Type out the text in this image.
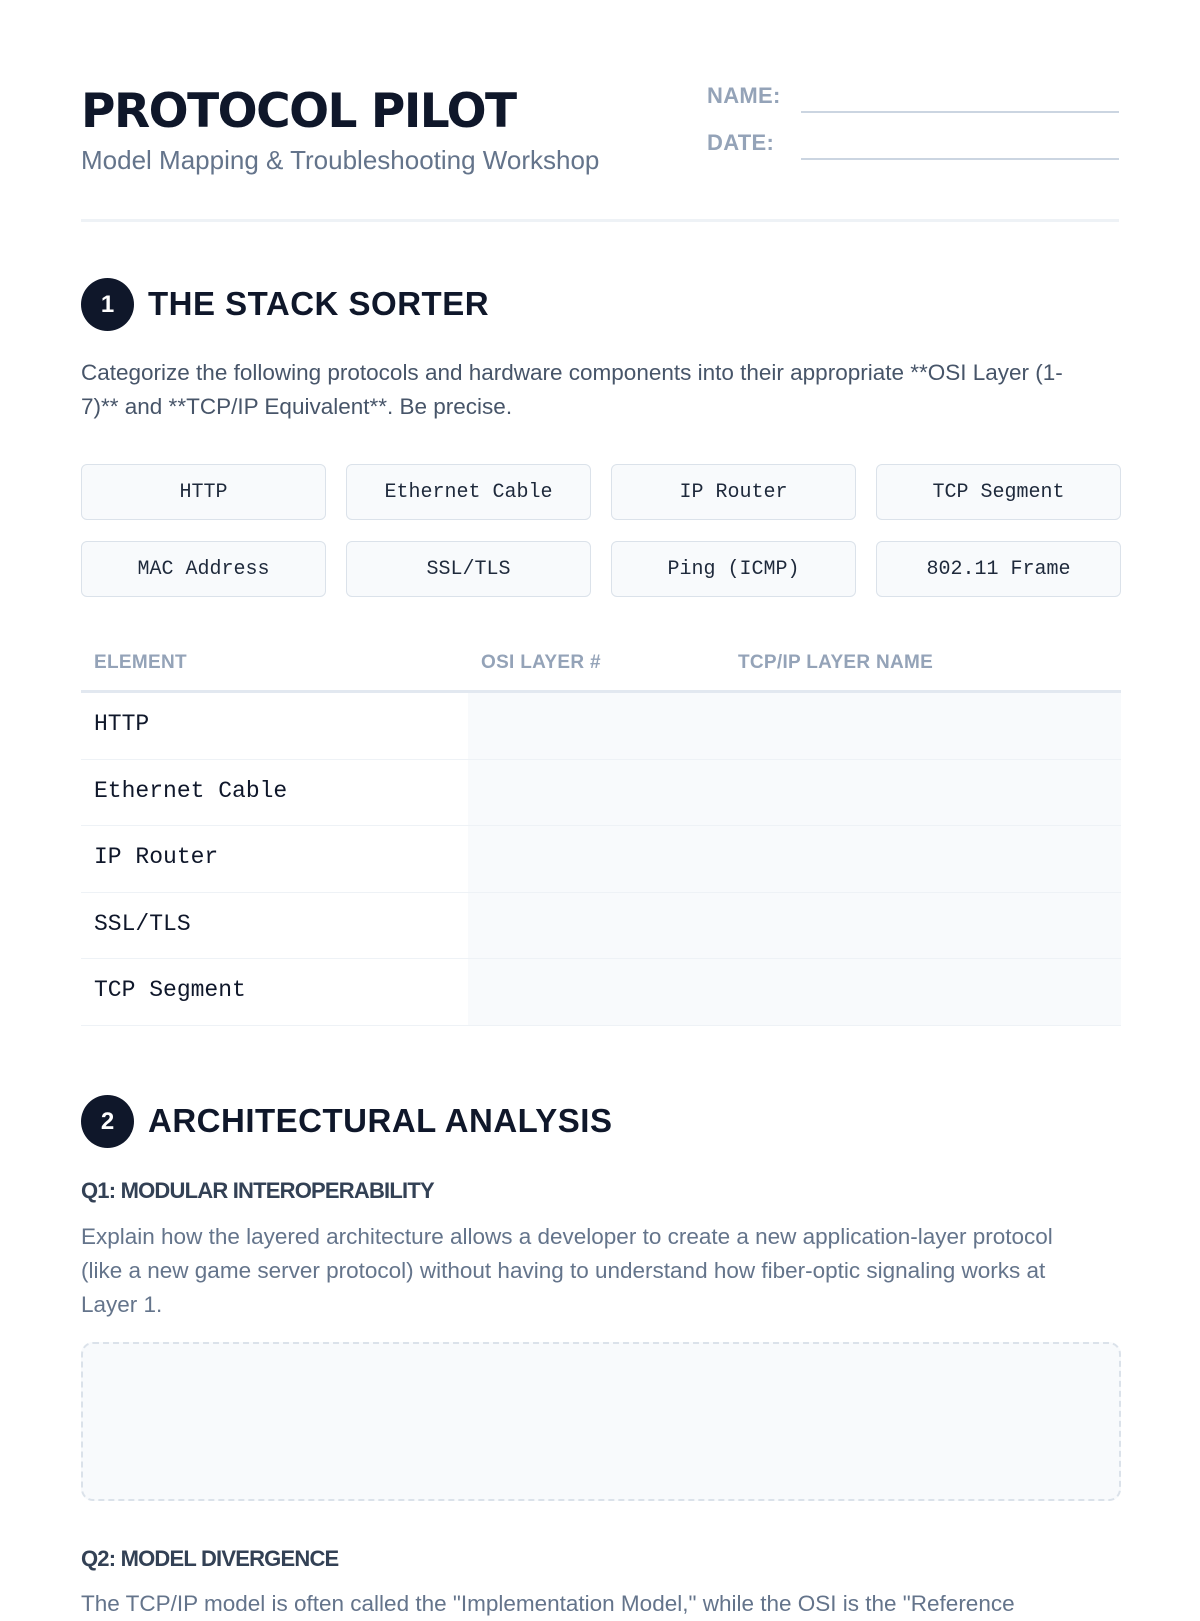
PROTOCOL PILOT
Model Mapping & Troubleshooting Workshop
NAME:
DATE:
1	THE STACK SORTER

Categorize the following protocols and hardware components into their appropriate **OSI Layer (1-7)** and **TCP/IP Equivalent**. Be precise.

HTTP	Ethernet Cable	IP Router	TCP Segment
MAC Address	SSL/TLS	Ping (ICMP)	802.11 Frame
ELEMENT	OSI LAYER #	TCP/IP LAYER NAME
HTTP
Ethernet Cable
IP Router
SSL/TLS
TCP Segment
2	ARCHITECTURAL ANALYSIS
Q1: MODULAR INTEROPERABILITY

Explain how the layered architecture allows a developer to create a new application-layer protocol (like a new game server protocol) without having to understand how fiber-optic signaling works at Layer 1.

Q2: MODEL DIVERGENCE

The TCP/IP model is often called the "Implementation Model," while the OSI is the "Reference
